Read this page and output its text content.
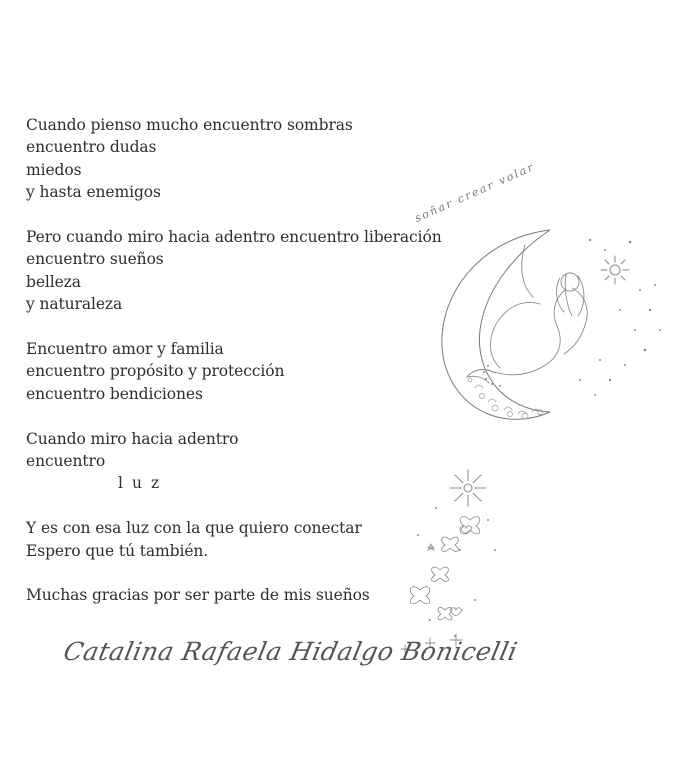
Cuando pienso mucho encuentro sombras
encuentro dudas
miedos
y hasta enemigos
Pero cuando miro hacia adentro encuentro liberación
encuentro sueños
belleza
y naturaleza
Encuentro amor y familia
encuentro propósito y protección
encuentro bendiciones
Cuando miro hacia adentro
encuentro
luz
Y es con esa luz con la que quiero conectar
Espero que tú también.
Muchas gracias por ser parte de mis sueños
soñar crear volar
Catalina Rafaela Hidalgo Bonicelli
